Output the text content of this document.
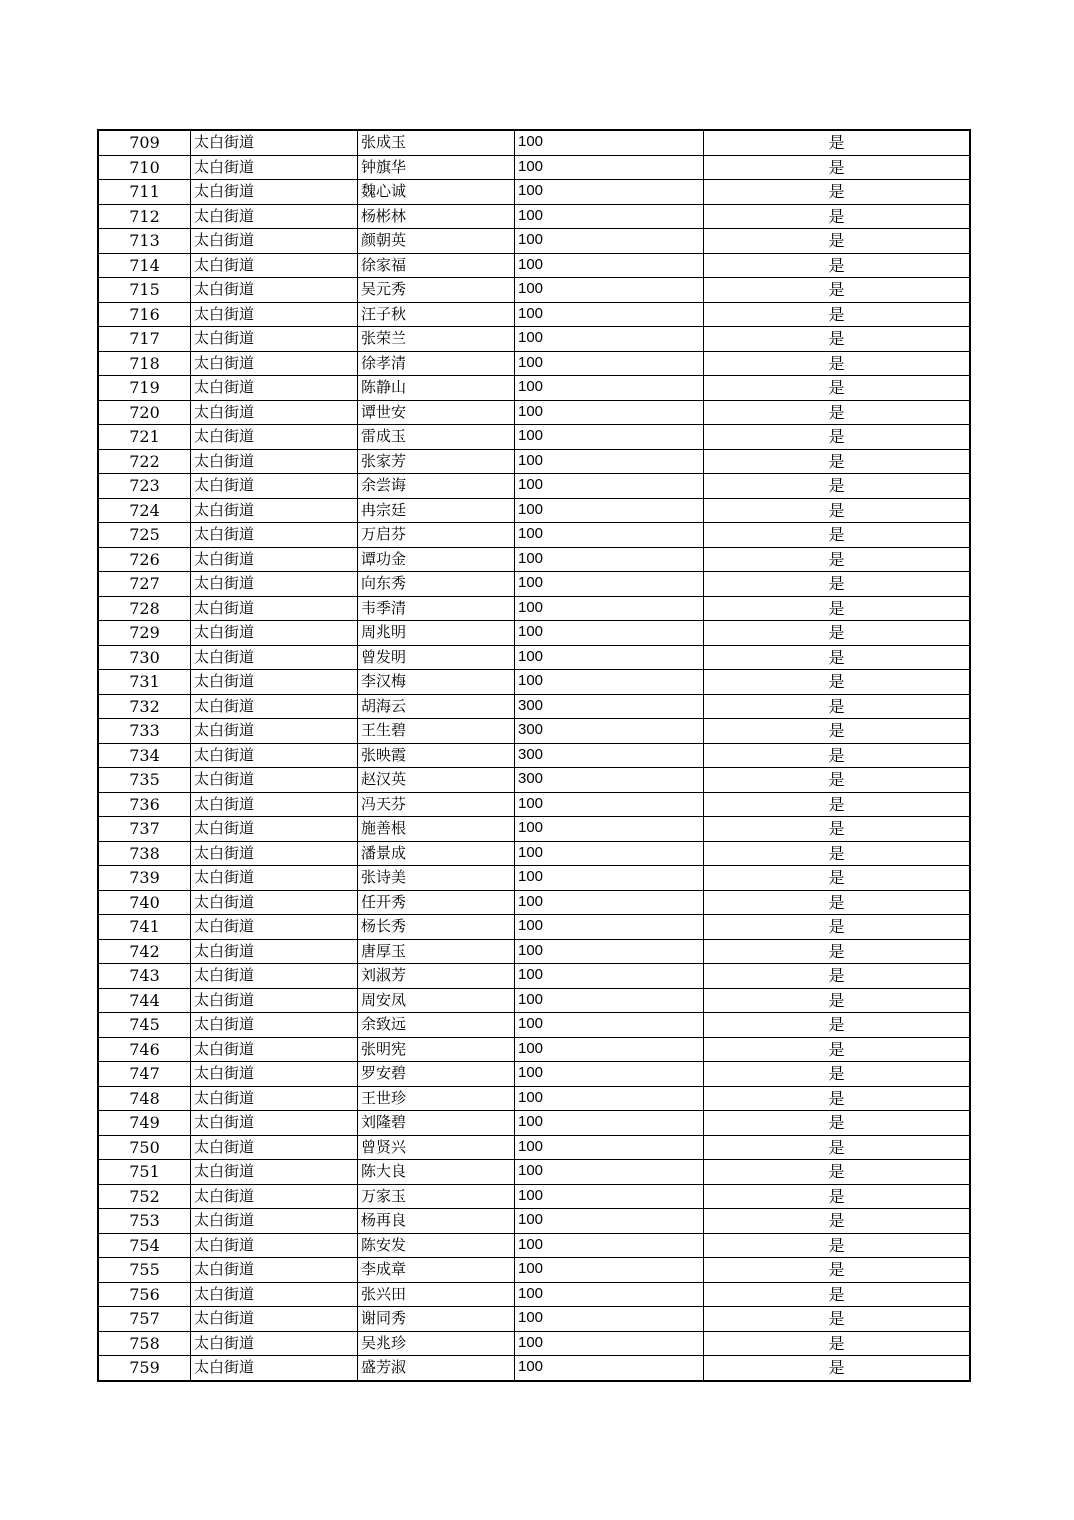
709	太白街道	张成玉	100	是
710	太白街道	钟旗华	100	是
711	太白街道	魏心诚	100	是
712	太白街道	杨彬林	100	是
713	太白街道	颜朝英	100	是
714	太白街道	徐家福	100	是
715	太白街道	吴元秀	100	是
716	太白街道	汪子秋	100	是
717	太白街道	张荣兰	100	是
718	太白街道	徐孝清	100	是
719	太白街道	陈静山	100	是
720	太白街道	谭世安	100	是
721	太白街道	雷成玉	100	是
722	太白街道	张家芳	100	是
723	太白街道	余尝诲	100	是
724	太白街道	冉宗廷	100	是
725	太白街道	万启芬	100	是
726	太白街道	谭功金	100	是
727	太白街道	向东秀	100	是
728	太白街道	韦季清	100	是
729	太白街道	周兆明	100	是
730	太白街道	曾发明	100	是
731	太白街道	李汉梅	100	是
732	太白街道	胡海云	300	是
733	太白街道	王生碧	300	是
734	太白街道	张映霞	300	是
735	太白街道	赵汉英	300	是
736	太白街道	冯天芬	100	是
737	太白街道	施善根	100	是
738	太白街道	潘景成	100	是
739	太白街道	张诗美	100	是
740	太白街道	任开秀	100	是
741	太白街道	杨长秀	100	是
742	太白街道	唐厚玉	100	是
743	太白街道	刘淑芳	100	是
744	太白街道	周安凤	100	是
745	太白街道	余致远	100	是
746	太白街道	张明宪	100	是
747	太白街道	罗安碧	100	是
748	太白街道	王世珍	100	是
749	太白街道	刘隆碧	100	是
750	太白街道	曾贤兴	100	是
751	太白街道	陈大良	100	是
752	太白街道	万家玉	100	是
753	太白街道	杨再良	100	是
754	太白街道	陈安发	100	是
755	太白街道	李成章	100	是
756	太白街道	张兴田	100	是
757	太白街道	谢同秀	100	是
758	太白街道	吴兆珍	100	是
759	太白街道	盛芳淑	100	是
